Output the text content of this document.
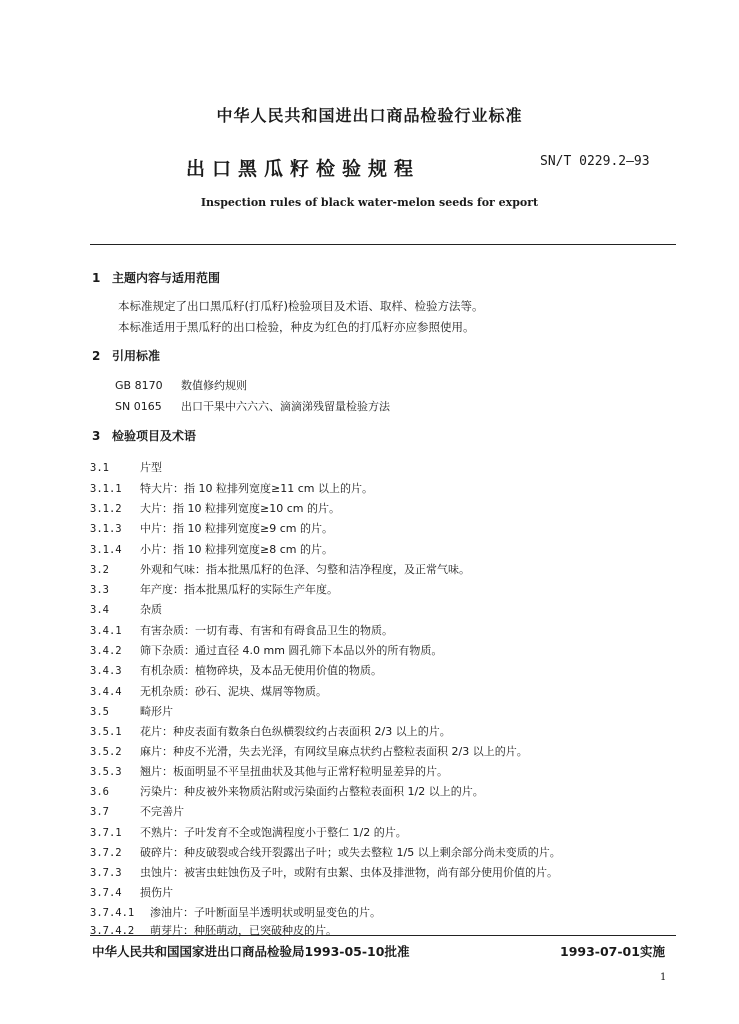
中华人民共和国进出口商品检验行业标准
出口黑瓜籽检验规程	SN/T 0229.2—93
Inspection rules of black water-melon seeds for export
1 主题内容与适用范围
本标准规定了出口黑瓜籽(打瓜籽)检验项目及术语、取样、检验方法等。
本标准适用于黑瓜籽的出口检验，种皮为红色的打瓜籽亦应参照使用。
2 引用标准
GB 8170 数值修约规则
SN 0165 出口干果中六六六、滴滴涕残留量检验方法
3 检验项目及术语
3.1	片型
3.1.1 特大片：指 10 粒排列宽度≥11 cm 以上的片。
3.1.2 大片：指 10 粒排列宽度≥10 cm 的片。
3.1.3 中片：指 10 粒排列宽度≥9 cm 的片。
3.1.4 小片：指 10 粒排列宽度≥8 cm 的片。
3.2	外观和气味：指本批黑瓜籽的色泽、匀整和洁净程度，及正常气味。
3.3	年产度：指本批黑瓜籽的实际生产年度。
3.4	杂质
3.4.1 有害杂质：一切有毒、有害和有碍食品卫生的物质。
3.4.2 筛下杂质：通过直径 4.0 mm 圆孔筛下本品以外的所有物质。
3.4.3 有机杂质：植物碎块，及本品无使用价值的物质。
3.4.4 无机杂质：砂石、泥块、煤屑等物质。
3.5	畸形片
3.5.1 花片：种皮表面有数条白色纵横裂纹约占表面积 2/3 以上的片。
3.5.2 麻片：种皮不光滑，失去光泽，有网纹呈麻点状约占整粒表面积 2/3 以上的片。
3.5.3 翘片：板面明显不平呈扭曲状及其他与正常籽粒明显差异的片。
3.6	污染片：种皮被外来物质沾附或污染面约占整粒表面积 1/2 以上的片。
3.7	不完善片
3.7.1 不熟片：子叶发育不全或饱满程度小于整仁 1/2 的片。
3.7.2 破碎片：种皮破裂或合线开裂露出子叶；或失去整粒 1/5 以上剩余部分尚未变质的片。
3.7.3 虫蚀片：被害虫蛀蚀伤及子叶，或附有虫絮、虫体及排泄物，尚有部分使用价值的片。
3.7.4 损伤片
3.7.4.1 渗油片：子叶断面呈半透明状或明显变色的片。
3.7.4.2 萌芽片：种胚萌动，已突破种皮的片。
中华人民共和国国家进出口商品检验局1993-05-10批准	1993-07-01实施
1
